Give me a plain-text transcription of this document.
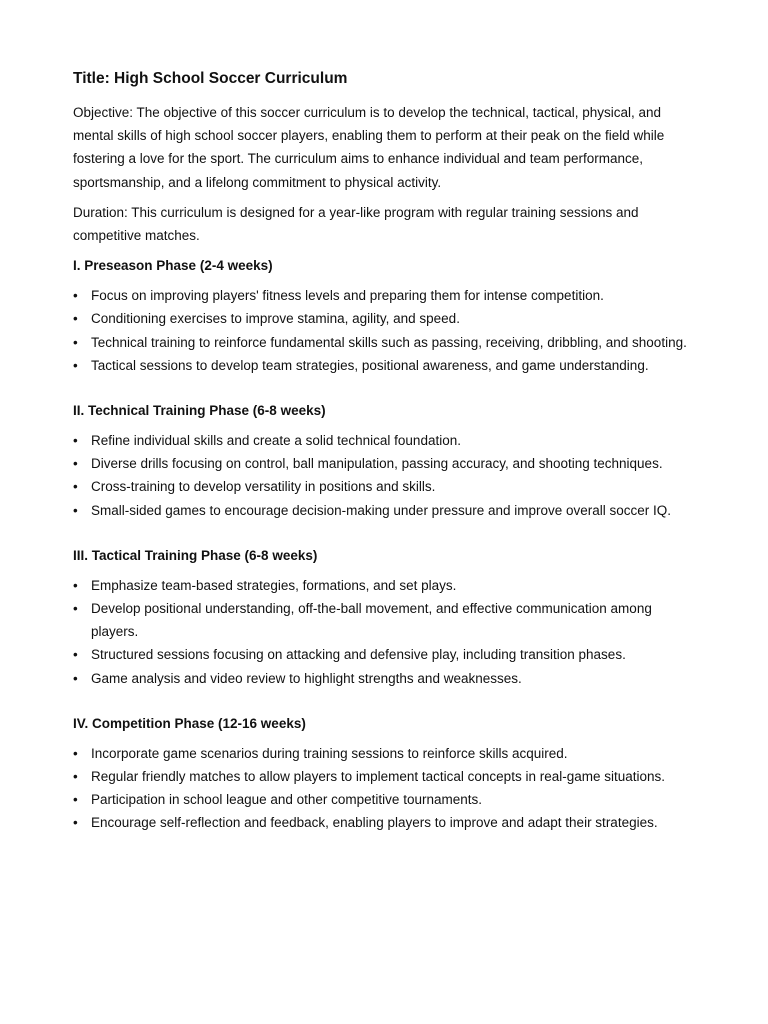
Title: High School Soccer Curriculum
Objective: The objective of this soccer curriculum is to develop the technical, tactical, physical, and mental skills of high school soccer players, enabling them to perform at their peak on the field while fostering a love for the sport. The curriculum aims to enhance individual and team performance, sportsmanship, and a lifelong commitment to physical activity.
Duration: This curriculum is designed for a year-like program with regular training sessions and competitive matches.
I. Preseason Phase (2-4 weeks)
• Focus on improving players' fitness levels and preparing them for intense competition.
• Conditioning exercises to improve stamina, agility, and speed.
• Technical training to reinforce fundamental skills such as passing, receiving, dribbling, and shooting.
• Tactical sessions to develop team strategies, positional awareness, and game understanding.
II. Technical Training Phase (6-8 weeks)
• Refine individual skills and create a solid technical foundation.
• Diverse drills focusing on control, ball manipulation, passing accuracy, and shooting techniques.
• Cross-training to develop versatility in positions and skills.
• Small-sided games to encourage decision-making under pressure and improve overall soccer IQ.
III. Tactical Training Phase (6-8 weeks)
• Emphasize team-based strategies, formations, and set plays.
• Develop positional understanding, off-the-ball movement, and effective communication among players.
• Structured sessions focusing on attacking and defensive play, including transition phases.
• Game analysis and video review to highlight strengths and weaknesses.
IV. Competition Phase (12-16 weeks)
• Incorporate game scenarios during training sessions to reinforce skills acquired.
• Regular friendly matches to allow players to implement tactical concepts in real-game situations.
• Participation in school league and other competitive tournaments.
• Encourage self-reflection and feedback, enabling players to improve and adapt their strategies.
